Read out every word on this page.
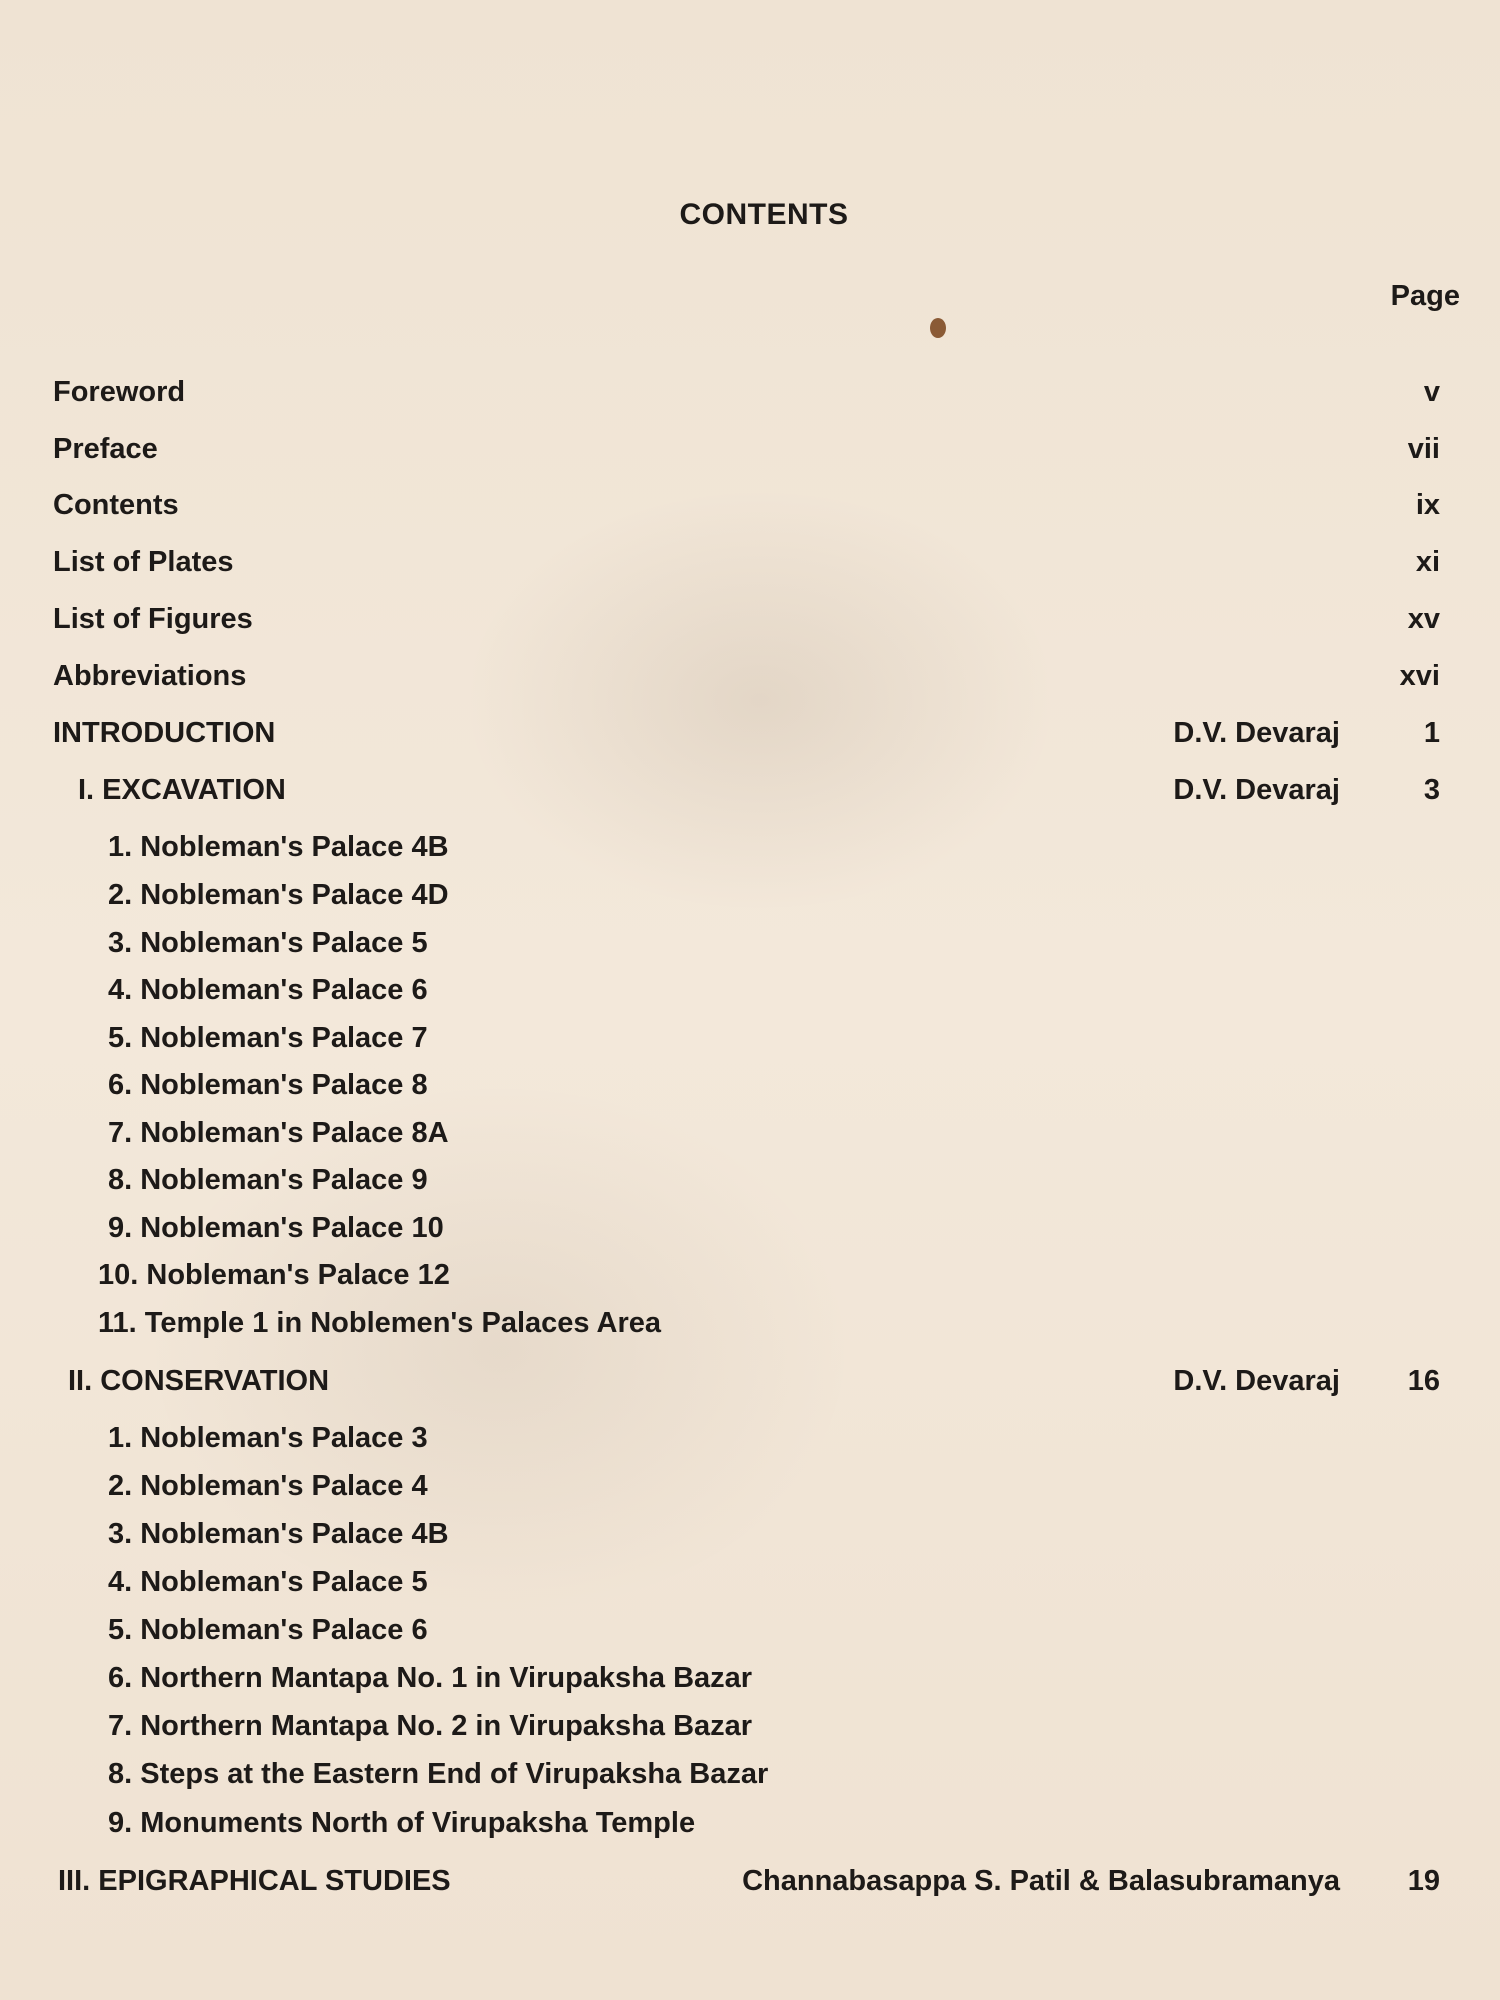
CONTENTS
Page
Foreword	v
Preface	vii
Contents	ix
List of Plates	xi
List of Figures	xv
Abbreviations	xvi
INTRODUCTION	D.V. Devaraj	1
I. EXCAVATION	D.V. Devaraj	3
1. Nobleman's Palace 4B
2. Nobleman's Palace 4D
3. Nobleman's Palace 5
4. Nobleman's Palace 6
5. Nobleman's Palace 7
6. Nobleman's Palace 8
7. Nobleman's Palace 8A
8. Nobleman's Palace 9
9. Nobleman's Palace 10
10. Nobleman's Palace 12
11. Temple 1 in Noblemen's Palaces Area
II. CONSERVATION	D.V. Devaraj 16
1. Nobleman's Palace 3
2. Nobleman's Palace 4
3. Nobleman's Palace 4B
4. Nobleman's Palace 5
5. Nobleman's Palace 6
6. Northern Mantapa No. 1 in Virupaksha Bazar
7. Northern Mantapa No. 2 in Virupaksha Bazar
8. Steps at the Eastern End of Virupaksha Bazar
9. Monuments North of Virupaksha Temple
III. EPIGRAPHICAL STUDIES	Channabasappa S. Patil & Balasubramanya 19
